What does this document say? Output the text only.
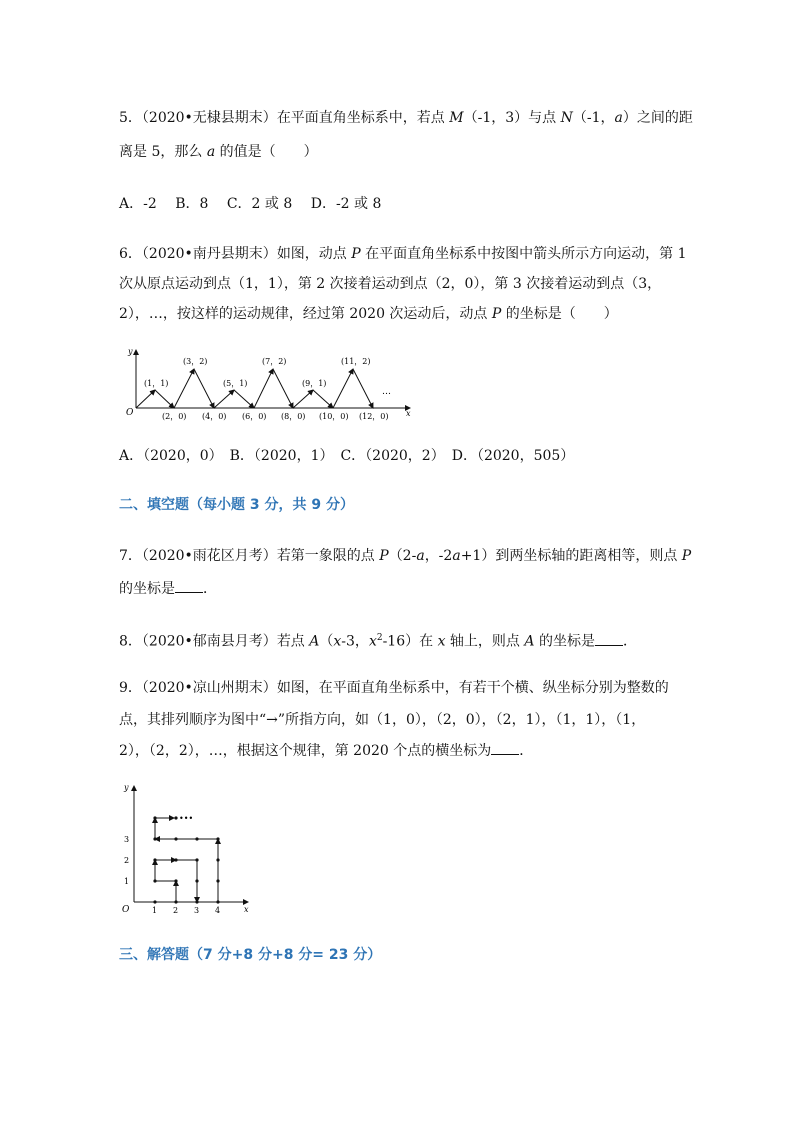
5．（2020•无棣县期末）在平面直角坐标系中，若点 M（-1，3）与点 N（-1，a）之间的距
离是 5，那么 a 的值是（　　）
A．-2　 B．8　 C．2 或 8　 D．-2 或 8
6．（2020•南丹县期末）如图，动点 P 在平面直角坐标系中按图中箭头所示方向运动，第 1
次从原点运动到点（1，1），第 2 次接着运动到点（2，0），第 3 次接着运动到点（3，
2），…，按这样的运动规律，经过第 2020 次运动后，动点 P 的坐标是（　　）
y
x
O
(1，1)
(3，2)
(5，1)
(7，2)
(9，1)
(11，2)
(2，0) (4，0) (6，0) (8，0) (10，0) (12，0)
…
A．（2020，0）　B．（2020，1）　C．（2020，2）　D．（2020，505）
二、填空题（每小题 3 分，共 9 分）
7．（2020•雨花区月考）若第一象限的点 P（2-a，-2a+1）到两坐标轴的距离相等，则点 P
的坐标是 ．
8．（2020•郁南县月考）若点 A（x-3，$x^2-16$）在 x 轴上，则点 A 的坐标是 ．
9．（2020•凉山州期末）如图，在平面直角坐标系中，有若干个横、纵坐标分别为整数的
点，其排列顺序为图中“→”所指方向，如（1，0），（2，0），（2，1），（1，1），（1，
2），（2，2），…，根据这个规律，第 2020 个点的横坐标为 ．
y
x
O	1 2 3 4
1
2
3
•••
三、解答题（7 分+8 分+8 分= 23 分）
